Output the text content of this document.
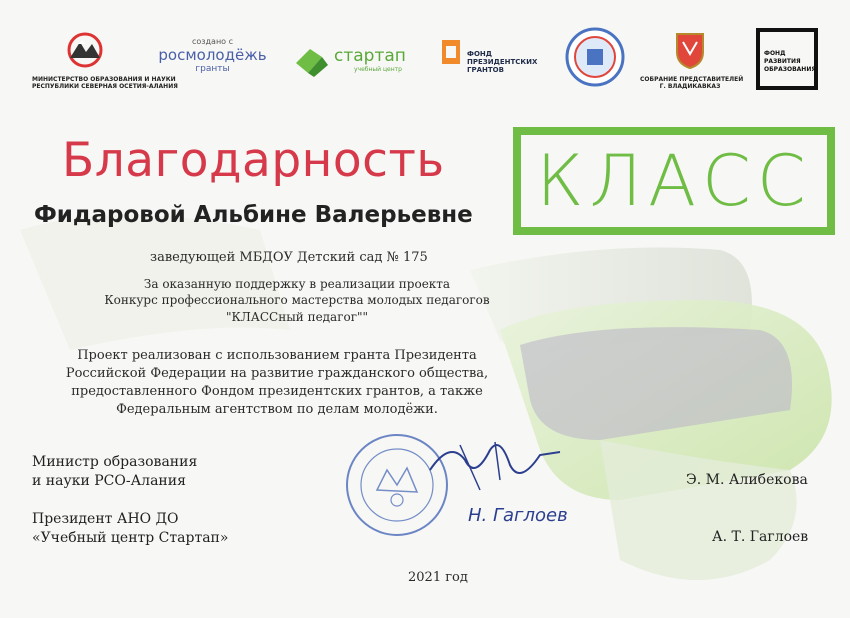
МИНИСТЕРСТВО ОБРАЗОВАНИЯ И НАУКИ
РЕСПУБЛИКИ СЕВЕРНАЯ ОСЕТИЯ-АЛАНИЯ
создано с
росмолодёжь
гранты
стартап
учебный центр
ФОНД
ПРЕЗИДЕНТСКИХ
ГРАНТОВ
СОБРАНИЕ ПРЕДСТАВИТЕЛЕЙ
Г. ВЛАДИКАВКАЗ
ФОНД
РАЗВИТИЯ
ОБРАЗОВАНИЯ
Благодарность КЛАСС
Фидаровой Альбине Валерьевне
заведующей МБДОУ Детский сад № 175
За оказанную поддержку в реализации проекта
Конкурс профессионального мастерства молодых педагогов
"КЛАССный педагог""
Проект реализован с использованием гранта Президента
Российской Федерации на развитие гражданского общества,
предоставленного Фондом президентских грантов, а также
Федеральным агентством по делам молодёжи.
Н. Гаглоев
Министр образования
и науки РСО-Алания	Э. М. Алибекова
Президент АНО ДО
«Учебный центр Стартап»	А. Т. Гаглоев
2021 год
